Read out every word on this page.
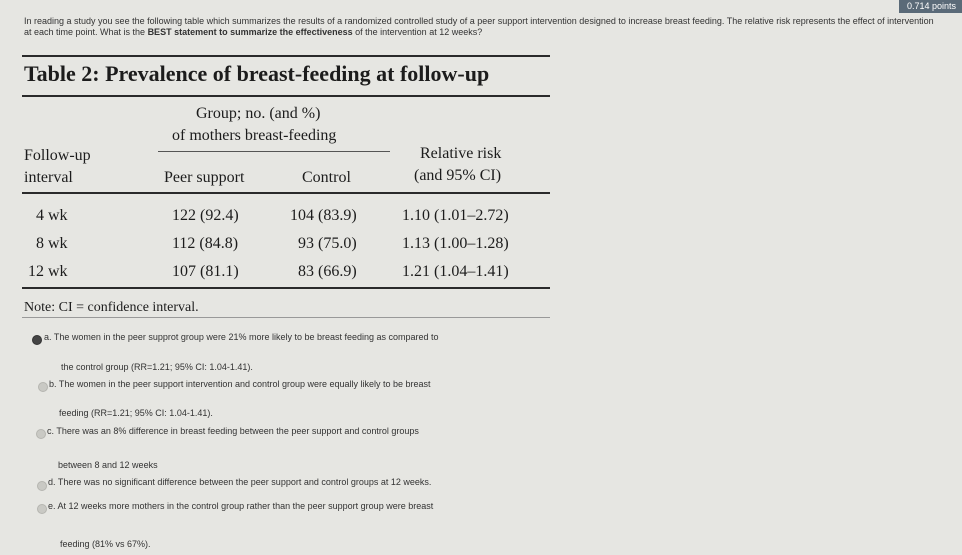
0.714 points
In reading a study you see the following table which summarizes the results of a randomized controlled study of a peer support intervention designed to increase breast feeding. The relative risk represents the effect of intervention
at each time point. What is the BEST statement to summarize the effectiveness of the intervention at 12 weeks?
Table 2: Prevalence of breast-feeding at follow-up
Group; no. (and %)
of mothers breast-feeding
Follow-up
interval	Peer support	Control
Relative risk
(and 95% CI)
4 wk	122 (92.4)	104 (83.9)	1.10 (1.01–2.72)
8 wk	112 (84.8)	93 (75.0)	1.13 (1.00–1.28)
12 wk	107 (81.1)	83 (66.9)	1.21 (1.04–1.41)
Note: CI = confidence interval.
a. The women in the peer supprot group were 21% more likely to be breast feeding as compared to
the control group (RR=1.21; 95% CI: 1.04-1.41).
b. The women in the peer support intervention and control group were equally likely to be breast
feeding (RR=1.21; 95% CI: 1.04-1.41).
c. There was an 8% difference in breast feeding between the peer support and control groups
between 8 and 12 weeks
d. There was no significant difference between the peer support and control groups at 12 weeks.
e. At 12 weeks more mothers in the control group rather than the peer support group were breast
feeding (81% vs 67%).
